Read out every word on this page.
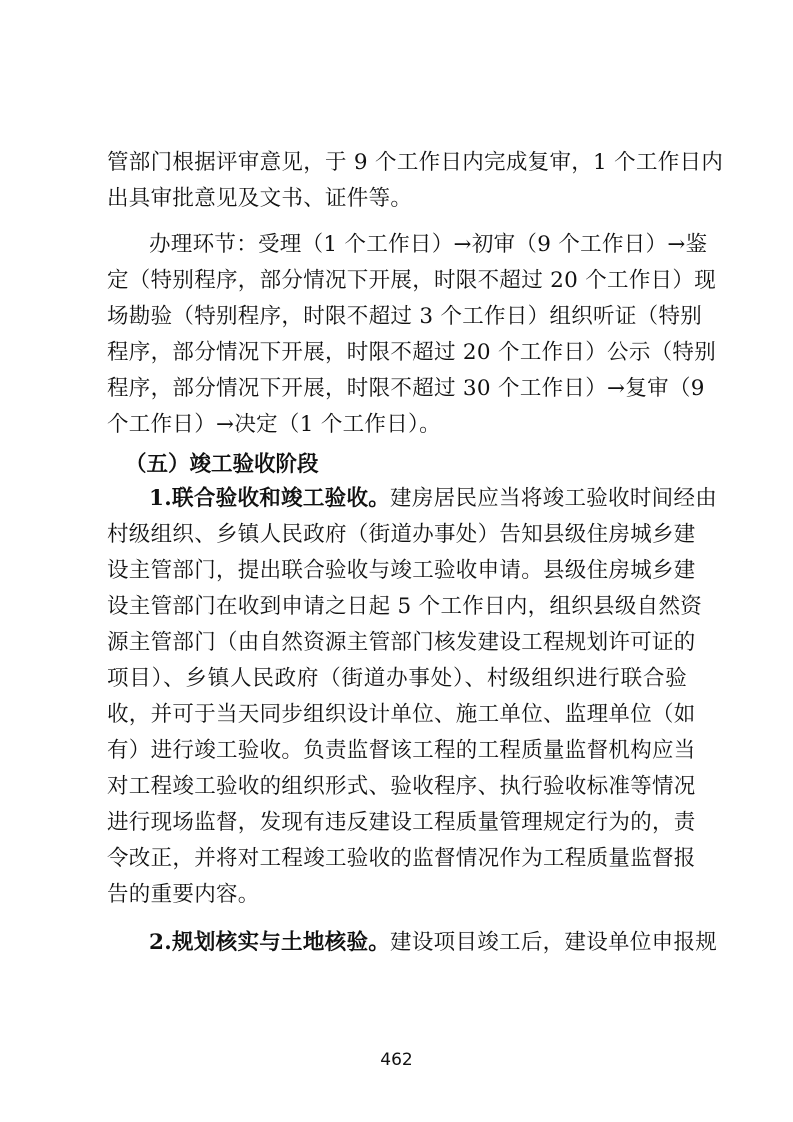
管部门根据评审意见，于 9 个工作日内完成复审，1 个工作日内
出具审批意见及文书、证件等。
办理环节：受理（1 个工作日）→初审（9 个工作日）→鉴
定（特别程序，部分情况下开展，时限不超过 20 个工作日）现
场勘验（特别程序，时限不超过 3 个工作日）组织听证（特别
程序，部分情况下开展，时限不超过 20 个工作日）公示（特别
程序，部分情况下开展，时限不超过 30 个工作日）→复审（9
个工作日）→决定（1 个工作日）。
（五）竣工验收阶段
1.联合验收和竣工验收。建房居民应当将竣工验收时间经由
村级组织、乡镇人民政府（街道办事处）告知县级住房城乡建
设主管部门，提出联合验收与竣工验收申请。县级住房城乡建
设主管部门在收到申请之日起 5 个工作日内，组织县级自然资
源主管部门（由自然资源主管部门核发建设工程规划许可证的
项目）、乡镇人民政府（街道办事处）、村级组织进行联合验
收，并可于当天同步组织设计单位、施工单位、监理单位（如
有）进行竣工验收。负责监督该工程的工程质量监督机构应当
对工程竣工验收的组织形式、验收程序、执行验收标准等情况
进行现场监督，发现有违反建设工程质量管理规定行为的，责
令改正，并将对工程竣工验收的监督情况作为工程质量监督报
告的重要内容。
2.规划核实与土地核验。建设项目竣工后，建设单位申报规
462
